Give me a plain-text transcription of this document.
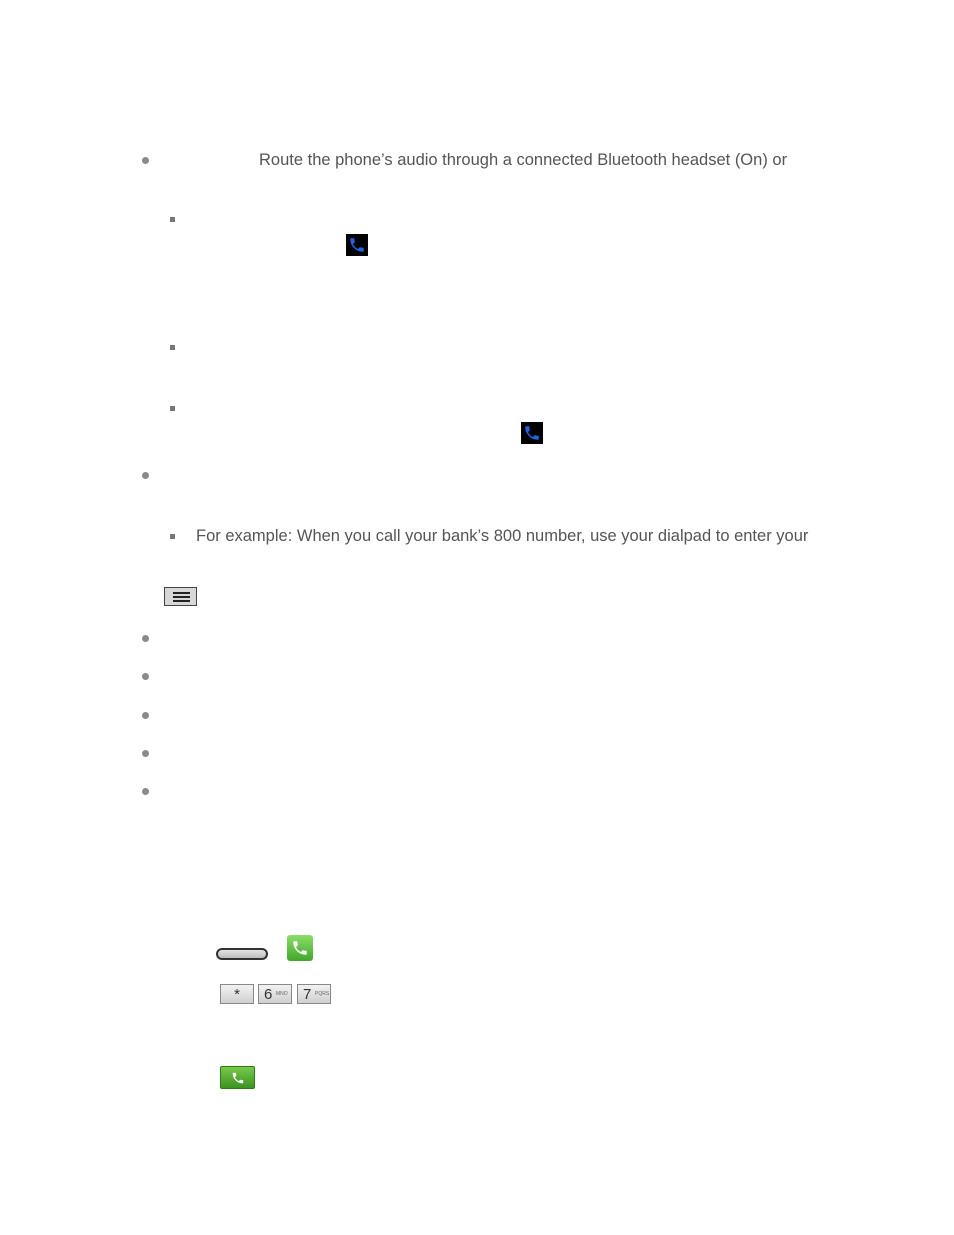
Route the phone’s audio through a connected Bluetooth headset (On) or
For example: When you call your bank’s 800 number, use your dialpad to enter your
*	6 MNO 7 PQRS
